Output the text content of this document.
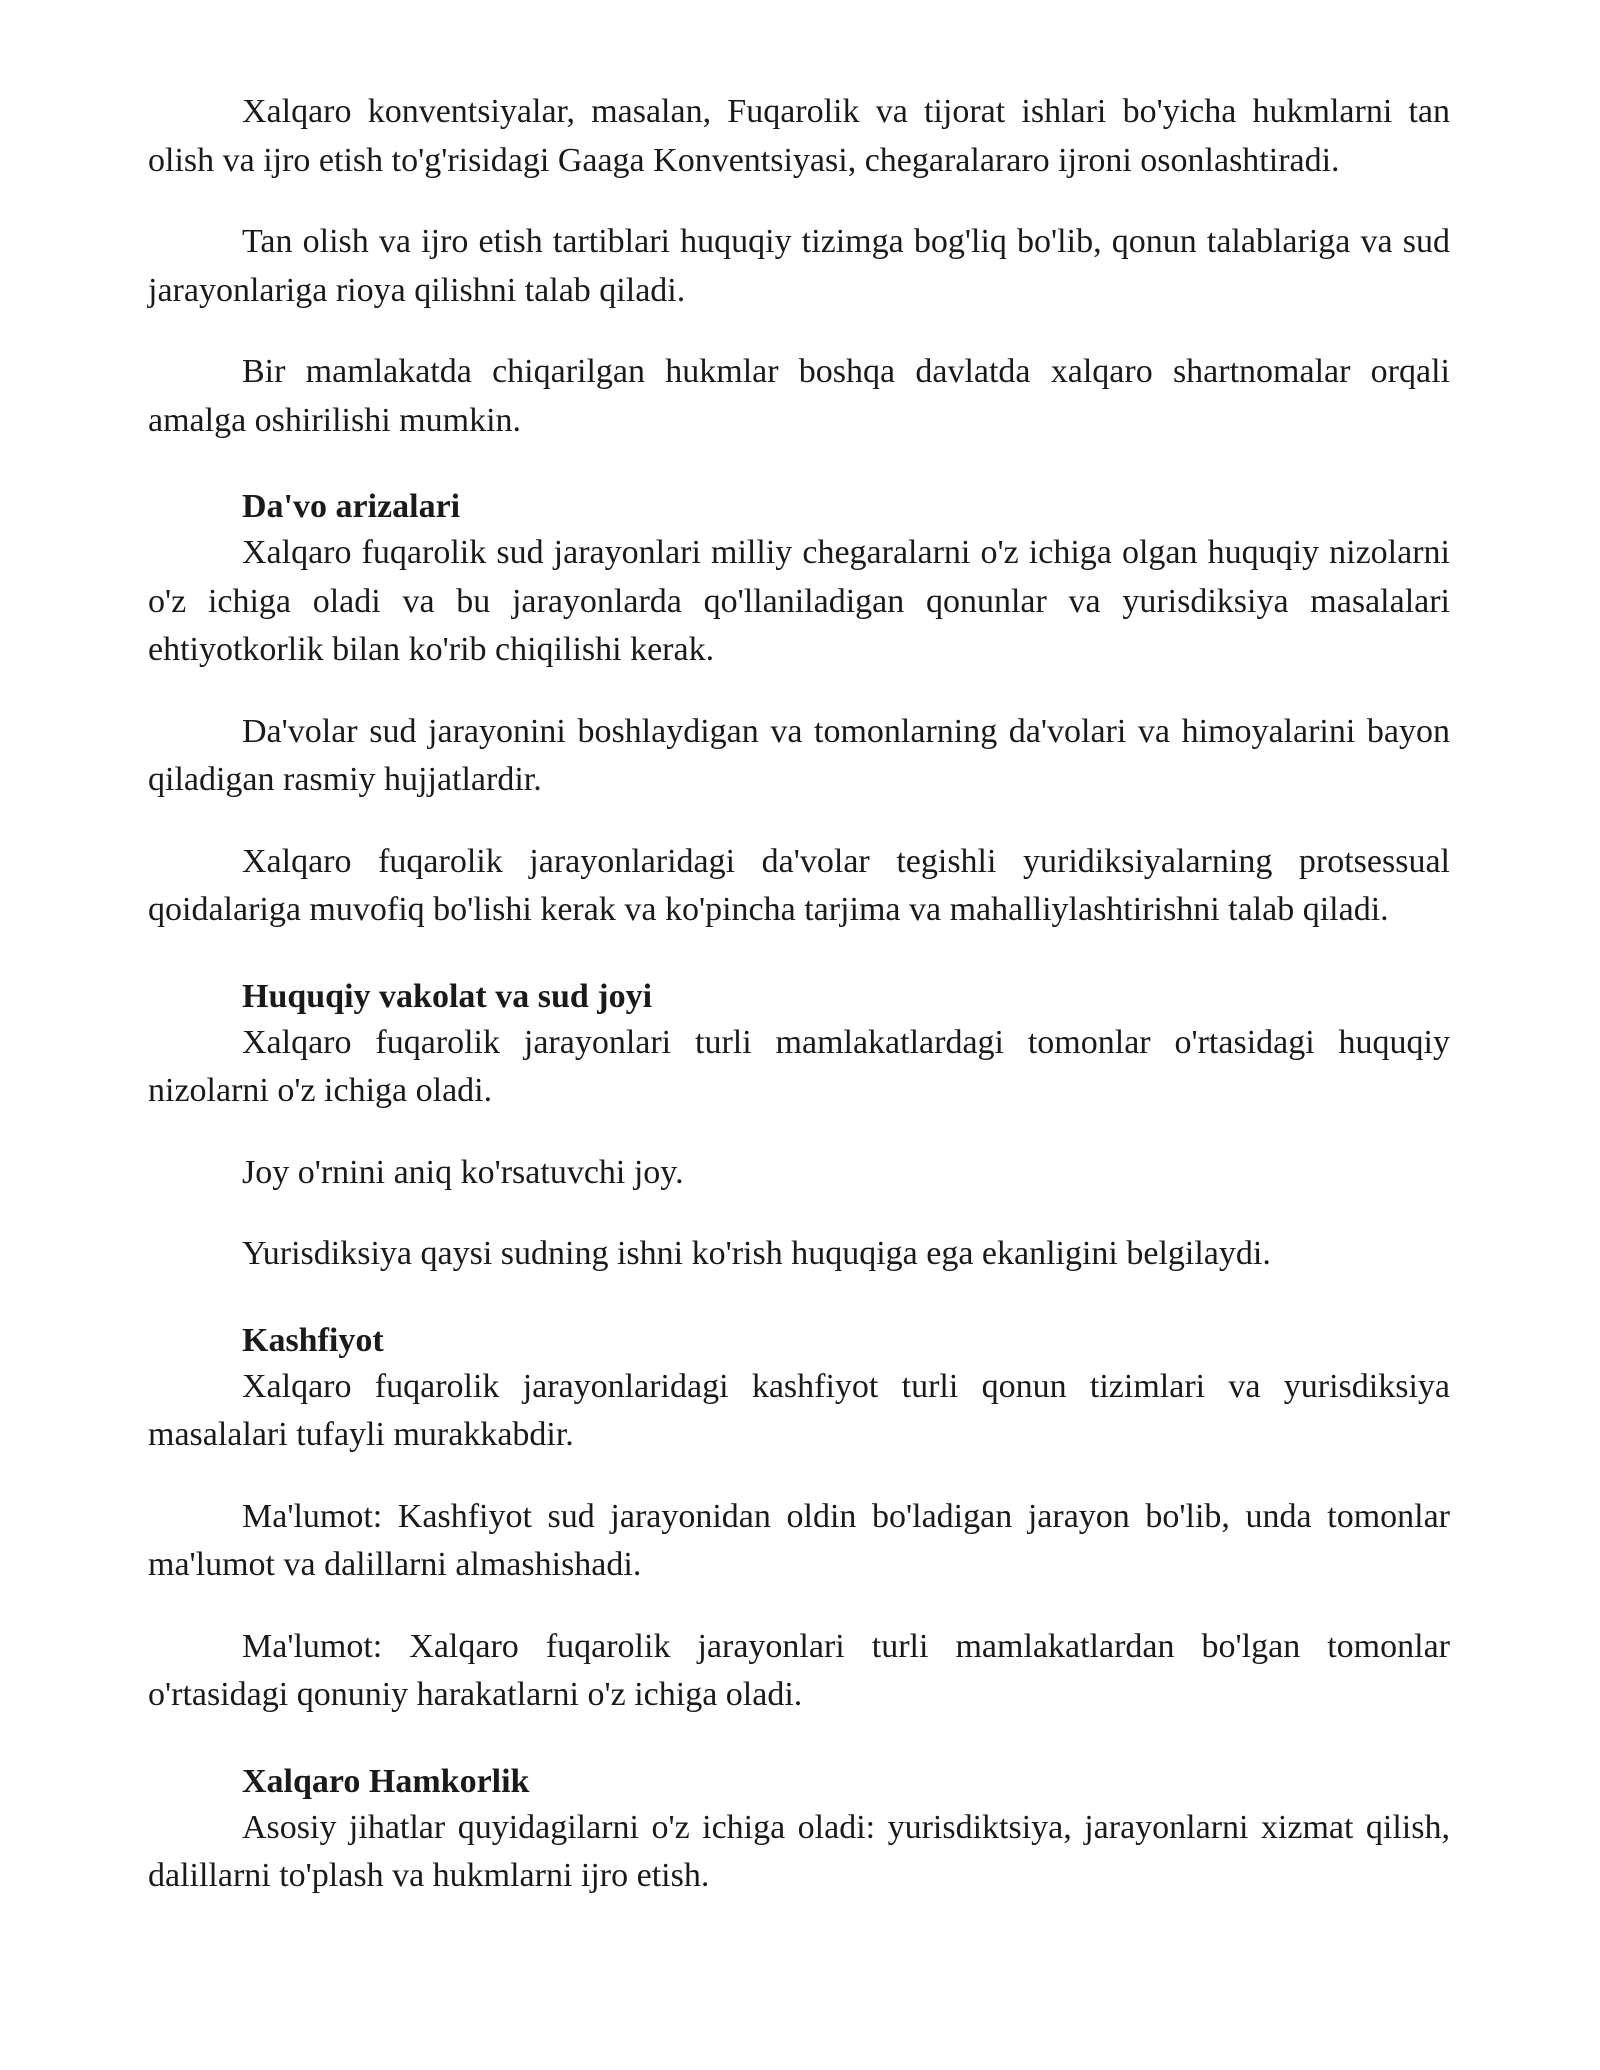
Xalqaro konventsiyalar, masalan, Fuqarolik va tijorat ishlari bo'yicha hukmlarni tan olish va ijro etish to'g'risidagi Gaaga Konventsiyasi, chegaralararo ijroni osonlashtiradi.

Tan olish va ijro etish tartiblari huquqiy tizimga bog'liq bo'lib, qonun talablariga va sud jarayonlariga rioya qilishni talab qiladi.

Bir mamlakatda chiqarilgan hukmlar boshqa davlatda xalqaro shartnomalar orqali amalga oshirilishi mumkin.

Da'vo arizalari

Xalqaro fuqarolik sud jarayonlari milliy chegaralarni o'z ichiga olgan huquqiy nizolarni o'z ichiga oladi va bu jarayonlarda qo'llaniladigan qonunlar va yurisdiksiya masalalari ehtiyotkorlik bilan ko'rib chiqilishi kerak.

Da'volar sud jarayonini boshlaydigan va tomonlarning da'volari va himoyalarini bayon qiladigan rasmiy hujjatlardir.

Xalqaro fuqarolik jarayonlaridagi da'volar tegishli yuridiksiyalarning protsessual qoidalariga muvofiq bo'lishi kerak va ko'pincha tarjima va mahalliylashtirishni talab qiladi.

Huquqiy vakolat va sud joyi

Xalqaro fuqarolik jarayonlari turli mamlakatlardagi tomonlar o'rtasidagi huquqiy nizolarni o'z ichiga oladi.

Joy o'rnini aniq ko'rsatuvchi joy.

Yurisdiksiya qaysi sudning ishni ko'rish huquqiga ega ekanligini belgilaydi.

Kashfiyot

Xalqaro fuqarolik jarayonlaridagi kashfiyot turli qonun tizimlari va yurisdiksiya masalalari tufayli murakkabdir.

Ma'lumot: Kashfiyot sud jarayonidan oldin bo'ladigan jarayon bo'lib, unda tomonlar ma'lumot va dalillarni almashishadi.

Ma'lumot: Xalqaro fuqarolik jarayonlari turli mamlakatlardan bo'lgan tomonlar o'rtasidagi qonuniy harakatlarni o'z ichiga oladi.

Xalqaro Hamkorlik

Asosiy jihatlar quyidagilarni o'z ichiga oladi: yurisdiktsiya, jarayonlarni xizmat qilish, dalillarni to'plash va hukmlarni ijro etish.
